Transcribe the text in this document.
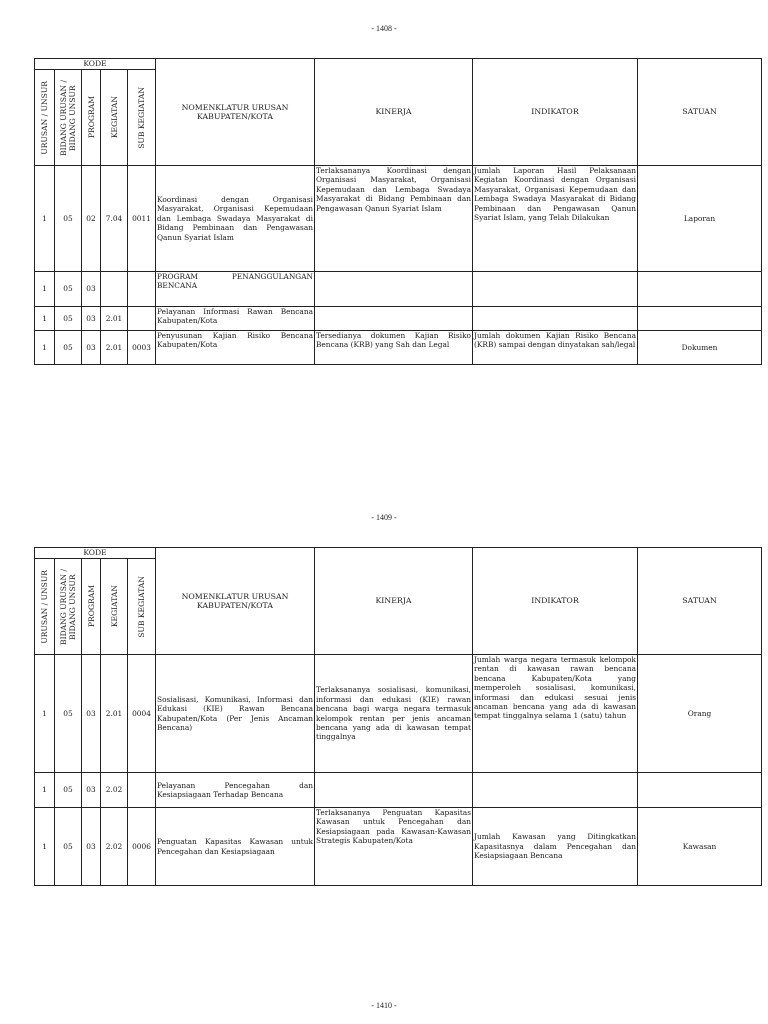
- 1408 -
- 1409 -
- 1410 -
KODE					NOMENKLATUR URUSAN KABUPATEN/KOTA	KINERJA	INDIKATOR	SATUAN

URUSAN / UNSUR	BIDANG URUSAN / BIDANG UNSUR	PROGRAM	KEGIATAN	SUB KEGIATAN				

1	05	02	7.04	0011	Koordinasi dengan Organisasi Masyarakat, Organisasi Kepemudaan dan Lembaga Swadaya Masyarakat di Bidang Pembinaan dan Pengawasan Qanun Syariat Islam	Terlaksananya Koordinasi dengan Organisasi Masyarakat, Organisasi Kepemudaan dan Lembaga Swadaya Masyarakat di Bidang Pembinaan dan Pengawasan Qanun Syariat Islam	Jumlah Laporan Hasil Pelaksanaan Kegiatan Koordinasi dengan Organisasi Masyarakat, Organisasi Kepemudaan dan Lembaga Swadaya Masyarakat di Bidang Pembinaan dan Pengawasan Qanun Syariat Islam, yang Telah Dilakukan	Laporan
1	05	03			PROGRAM PENANGGULANGAN BENCANA			
1	05	03	2.01		Pelayanan Informasi Rawan Bencana Kabupaten/Kota			
1	05	03	2.01	0003	Penyusunan Kajian Risiko Bencana Kabupaten/Kota	Tersedianya dokumen Kajian Risiko Bencana (KRB) yang Sah dan Legal	Jumlah dokumen Kajian Risiko Bencana (KRB) sampai dengan dinyatakan sah/legal	Dokumen
KODE					NOMENKLATUR URUSAN KABUPATEN/KOTA	KINERJA	INDIKATOR	SATUAN

URUSAN / UNSUR	BIDANG URUSAN / BIDANG UNSUR	PROGRAM	KEGIATAN	SUB KEGIATAN				

1	05	03	2.01	0004	Sosialisasi, Komunikasi, Informasi dan Edukasi (KIE) Rawan Bencana Kabupaten/Kota (Per Jenis Ancaman Bencana)	Terlaksananya sosialisasi, komunikasi, informasi dan edukasi (KIE) rawan bencana bagi warga negara termasuk kelompok rentan per jenis ancaman bencana yang ada di kawasan tempat tinggalnya	Jumlah warga negara termasuk kelompok rentan di kawasan rawan bencana bencana Kabupaten/Kota yang memperoleh sosialisasi, komunikasi, informasi dan edukasi sesuai jenis ancaman bencana yang ada di kawasan tempat tinggalnya selama 1 (satu) tahun	Orang
1	05	03	2.02		Pelayanan Pencegahan dan Kesiapsiagaan Terhadap Bencana			
1	05	03	2.02	0006	Penguatan Kapasitas Kawasan untuk Pencegahan dan Kesiapsiagaan	Terlaksananya Penguatan Kapasitas Kawasan untuk Pencegahan dan Kesiapsiagaan pada Kawasan-Kawasan Strategis Kabupaten/Kota	Jumlah Kawasan yang Ditingkatkan Kapasitasnya dalam Pencegahan dan Kesiapsiagaan Bencana	Kawasan
